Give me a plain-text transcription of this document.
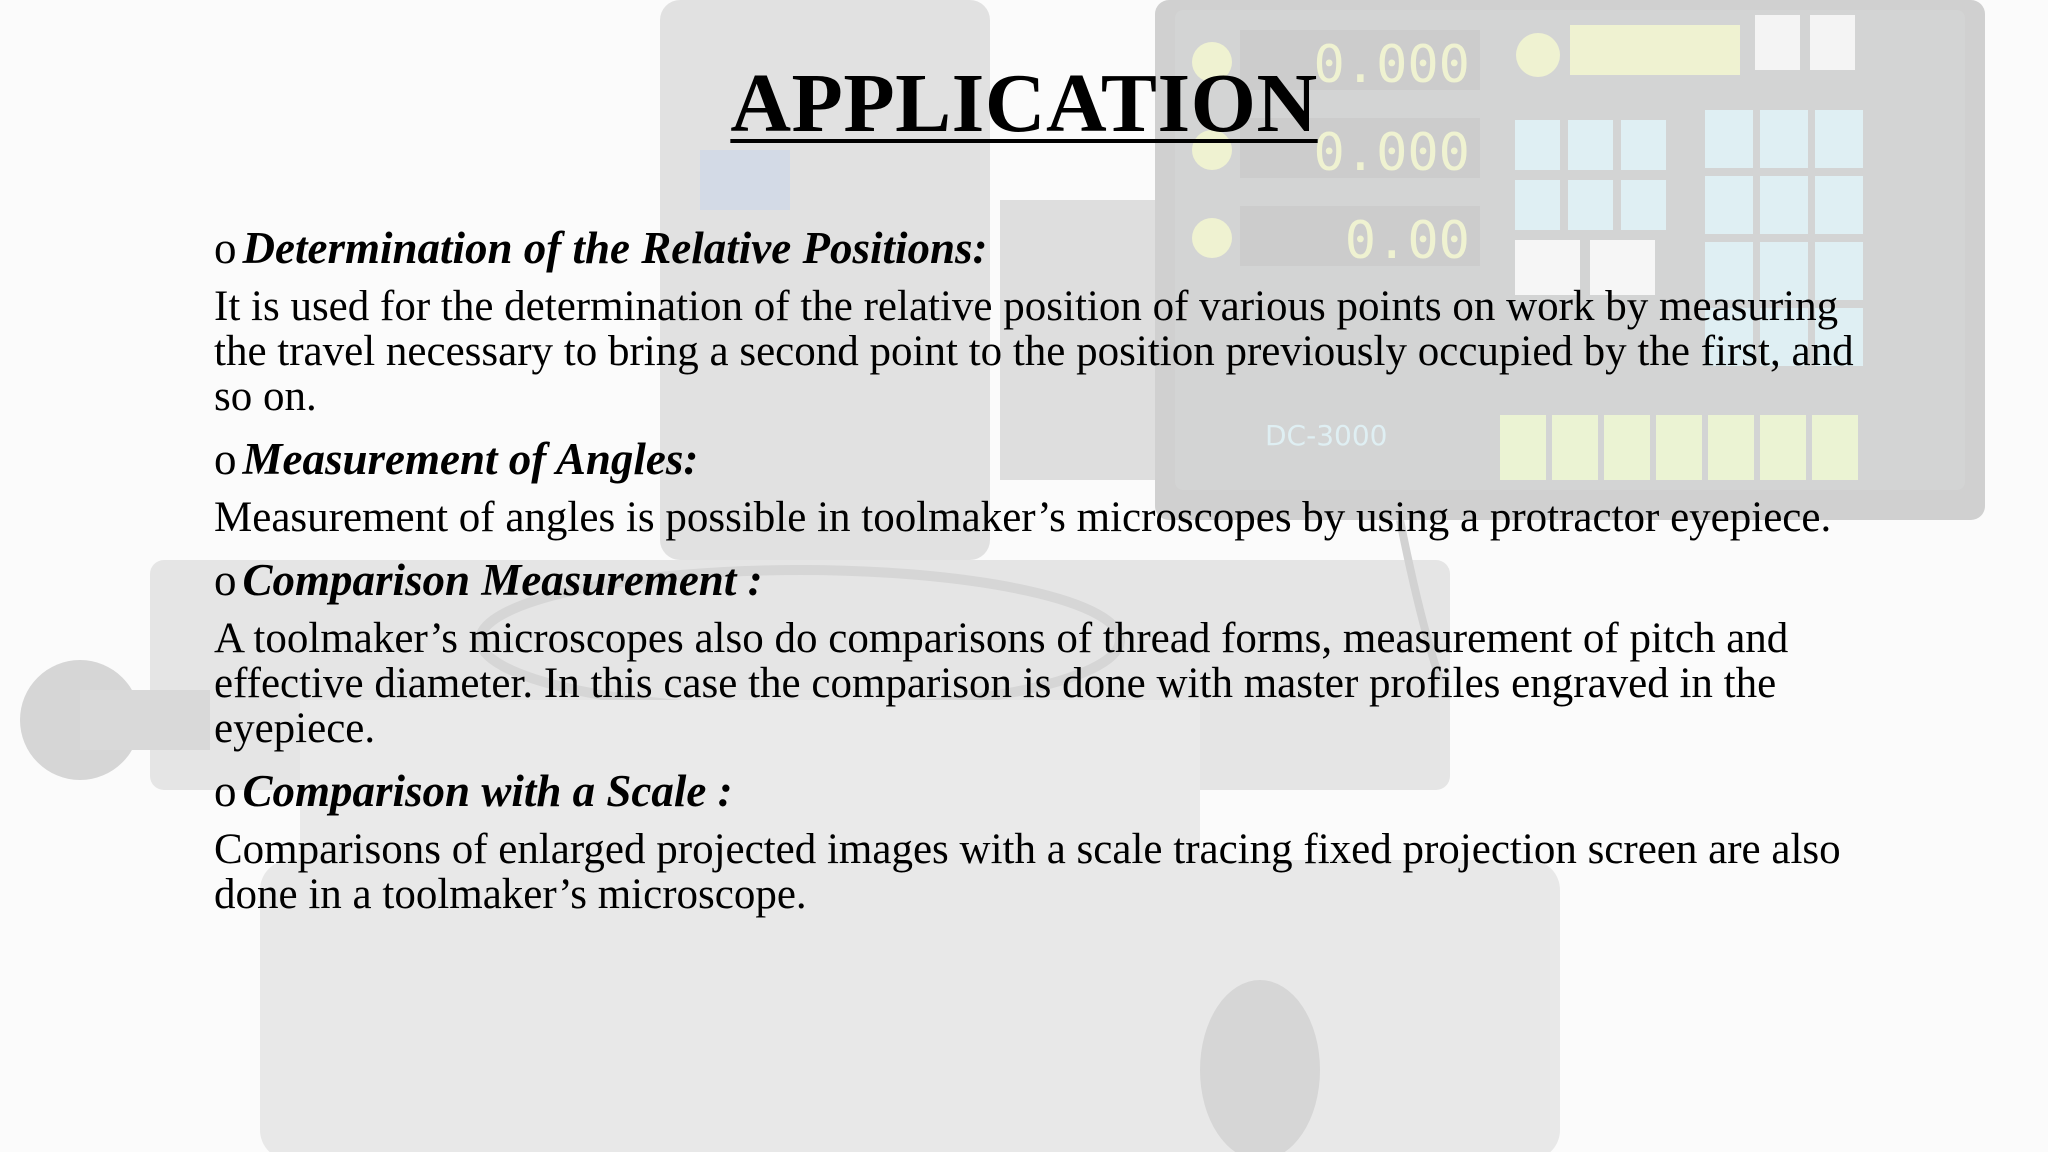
0.000
0.000
0.00
DC-3000
APPLICATION

o Determination of the Relative Positions:

It is used for the determination of the relative position of various points on work by measuring the travel necessary to bring a second point to the position previously occupied by the first, and so on.

o Measurement of Angles:

Measurement of angles is possible in toolmaker’s microscopes by using a protractor eyepiece.

o Comparison Measurement :

A toolmaker’s microscopes also do comparisons of thread forms, measurement of pitch and effective diameter. In this case the comparison is done with master profiles engraved in the eyepiece.

o Comparison with a Scale :

Comparisons of enlarged projected images with a scale tracing fixed projection screen are also done in a toolmaker’s microscope.
